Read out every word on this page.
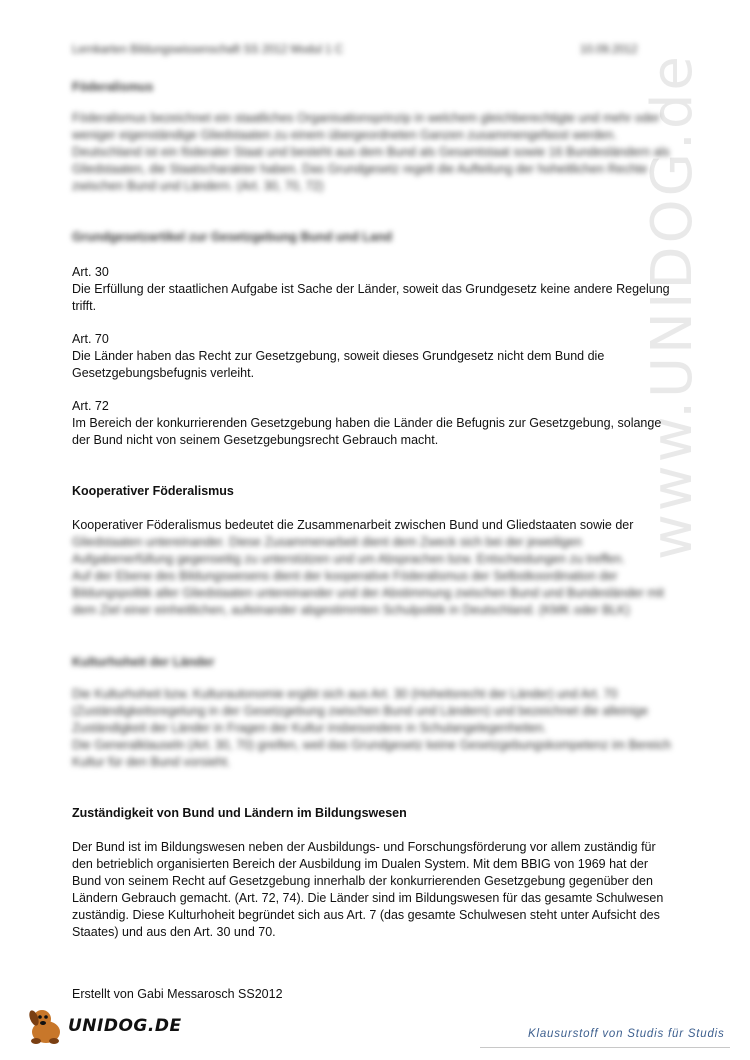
www.UNIDOG.de
Lernkarten Bildungswissenschaft SS 2012 Modul 1 C	10.09.2012
Föderalismus
Föderalismus bezeichnet ein staatliches Organisationsprinzip in welchem gleichberechtigte und mehr oder
weniger eigenständige Gliedstaaten zu einem übergeordneten Ganzen zusammengefasst werden.
Deutschland ist ein föderaler Staat und besteht aus dem Bund als Gesamtstaat sowie 16 Bundesländern als
Gliedstaaten, die Staatscharakter haben. Das Grundgesetz regelt die Aufteilung der hoheitlichen Rechte
zwischen Bund und Ländern. (Art. 30, 70, 72)
Grundgesetzartikel zur Gesetzgebung Bund und Land
Art. 30
Die Erfüllung der staatlichen Aufgabe ist Sache der Länder, soweit das Grundgesetz keine andere Regelung
trifft.
Art. 70
Die Länder haben das Recht zur Gesetzgebung, soweit dieses Grundgesetz nicht dem Bund die
Gesetzgebungsbefugnis verleiht.
Art. 72
Im Bereich der konkurrierenden Gesetzgebung haben die Länder die Befugnis zur Gesetzgebung, solange
der Bund nicht von seinem Gesetzgebungsrecht Gebrauch macht.
Kooperativer Föderalismus
Kooperativer Föderalismus bedeutet die Zusammenarbeit zwischen Bund und Gliedstaaten sowie der
Gliedstaaten untereinander. Diese Zusammenarbeit dient dem Zweck sich bei der jeweiligen
Aufgabenerfüllung gegenseitig zu unterstützen und um Absprachen bzw. Entscheidungen zu treffen.
Auf der Ebene des Bildungswesens dient der kooperative Föderalismus der Selbstkoordination der
Bildungspolitik aller Gliedstaaten untereinander und der Abstimmung zwischen Bund und Bundesländer mit
dem Ziel einer einheitlichen, aufeinander abgestimmten Schulpolitik in Deutschland. (KMK oder BLK)
Kulturhoheit der Länder
Die Kulturhoheit bzw. Kulturautonomie ergibt sich aus Art. 30 (Hoheitsrecht der Länder) und Art. 70
(Zuständigkeitsregelung in der Gesetzgebung zwischen Bund und Ländern) und bezeichnet die alleinige
Zuständigkeit der Länder in Fragen der Kultur insbesondere in Schulangelegenheiten.
Die Generalklauseln (Art. 30, 70) greifen, weil das Grundgesetz keine Gesetzgebungskompetenz im Bereich
Kultur für den Bund vorsieht.
Zuständigkeit von Bund und Ländern im Bildungswesen
Der Bund ist im Bildungswesen neben der Ausbildungs- und Forschungsförderung vor allem zuständig für
den betrieblich organisierten Bereich der Ausbildung im Dualen System. Mit dem BBIG von 1969 hat der
Bund von seinem Recht auf Gesetzgebung innerhalb der konkurrierenden Gesetzgebung gegenüber den
Ländern Gebrauch gemacht. (Art. 72, 74). Die Länder sind im Bildungswesen für das gesamte Schulwesen
zuständig. Diese Kulturhoheit begründet sich aus Art. 7 (das gesamte Schulwesen steht unter Aufsicht des
Staates) und aus den Art. 30 und 70.
Erstellt von Gabi Messarosch SS2012
UNIDOG.DE	Klausurstoff von Studis für Studis
